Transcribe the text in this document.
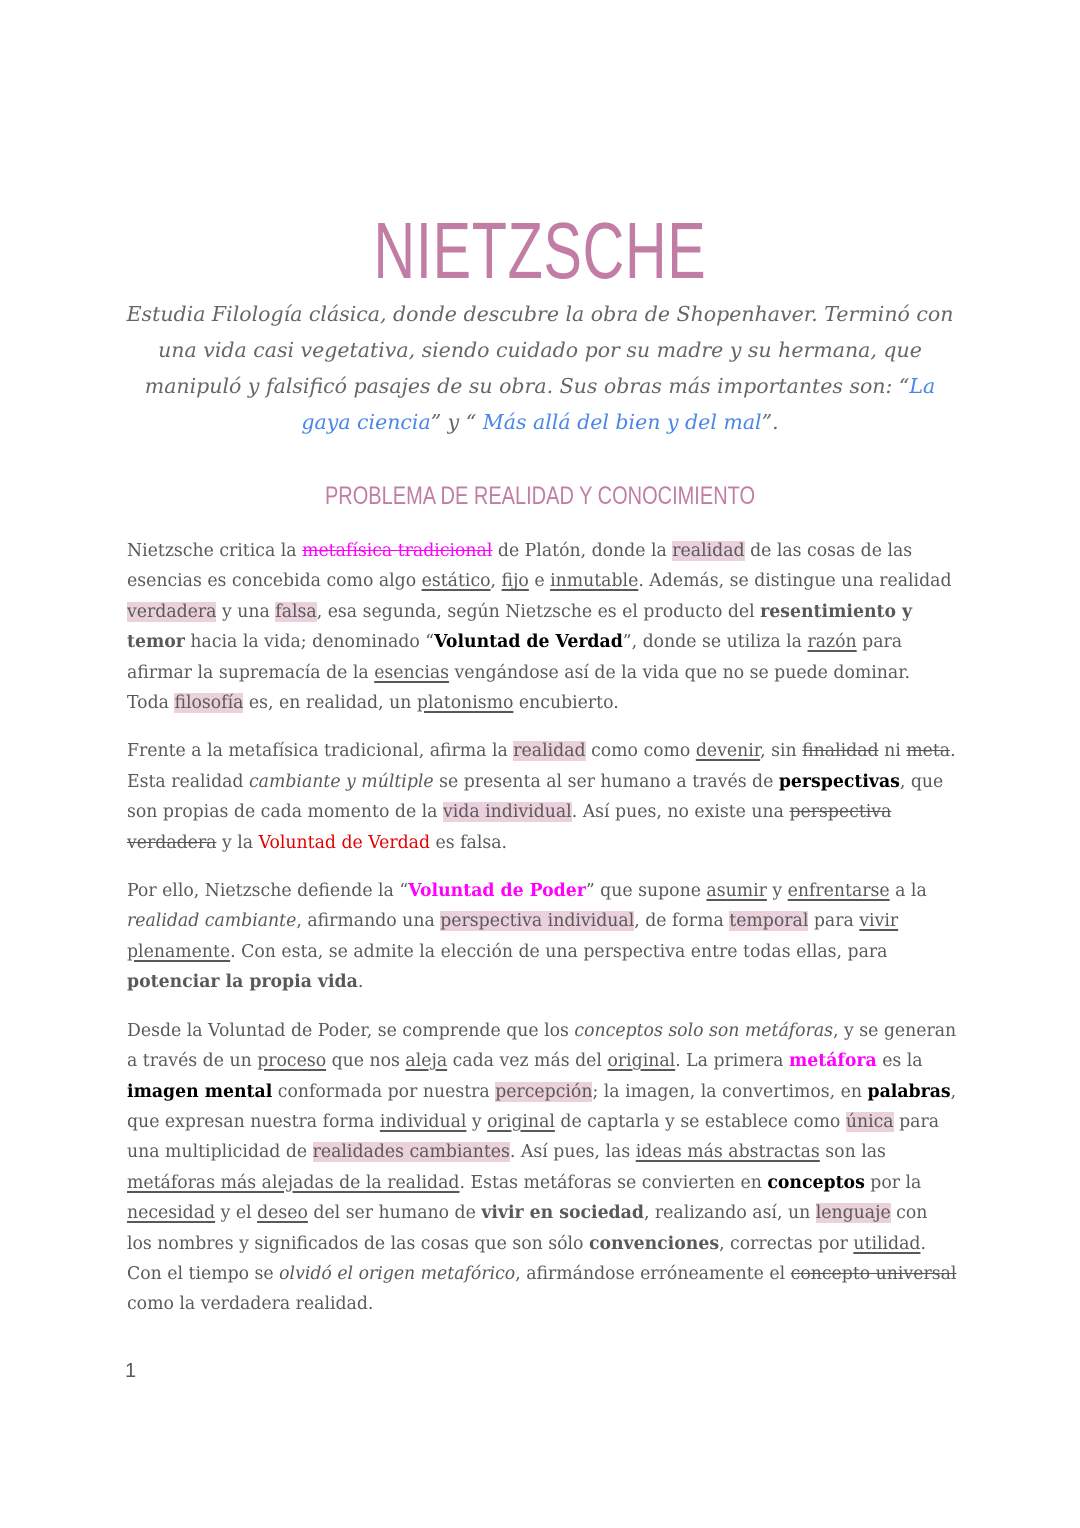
NIETZSCHE
Estudia Filología clásica, donde descubre la obra de Shopenhaver. Terminó con una vida casi vegetativa, siendo cuidado por su madre y su hermana, que manipuló y falsificó pasajes de su obra. Sus obras más importantes son: “La gaya ciencia” y “ Más allá del bien y del mal”.
PROBLEMA DE REALIDAD Y CONOCIMIENTO

Nietzsche critica la metafísica tradicional de Platón, donde la realidad de las cosas de las esencias es concebida como algo estático, fijo e inmutable. Además, se distingue una realidad verdadera y una falsa, esa segunda, según Nietzsche es el producto del resentimiento y temor hacia la vida; denominado “Voluntad de Verdad”, donde se utiliza la razón para afirmar la supremacía de la esencias vengándose así de la vida que no se puede dominar. Toda filosofía es, en realidad, un platonismo encubierto.

Frente a la metafísica tradicional, afirma la realidad como como devenir, sin finalidad ni meta. Esta realidad cambiante y múltiple se presenta al ser humano a través de perspectivas, que son propias de cada momento de la vida individual. Así pues, no existe una perspectiva verdadera y la Voluntad de Verdad es falsa.

Por ello, Nietzsche defiende la “Voluntad de Poder” que supone asumir y enfrentarse a la realidad cambiante, afirmando una perspectiva individual, de forma temporal para vivir plenamente. Con esta, se admite la elección de una perspectiva entre todas ellas, para potenciar la propia vida.

Desde la Voluntad de Poder, se comprende que los conceptos solo son metáforas, y se generan a través de un proceso que nos aleja cada vez más del original. La primera metáfora es la imagen mental conformada por nuestra percepción; la imagen, la convertimos, en palabras, que expresan nuestra forma individual y original de captarla y se establece como única para una multiplicidad de realidades cambiantes. Así pues, las ideas más abstractas son las metáforas más alejadas de la realidad. Estas metáforas se convierten en conceptos por la necesidad y el deseo del ser humano de vivir en sociedad, realizando así, un lenguaje con los nombres y significados de las cosas que son sólo convenciones, correctas por utilidad. Con el tiempo se olvidó el origen metafórico, afirmándose erróneamente el concepto universal como la verdadera realidad.

1
